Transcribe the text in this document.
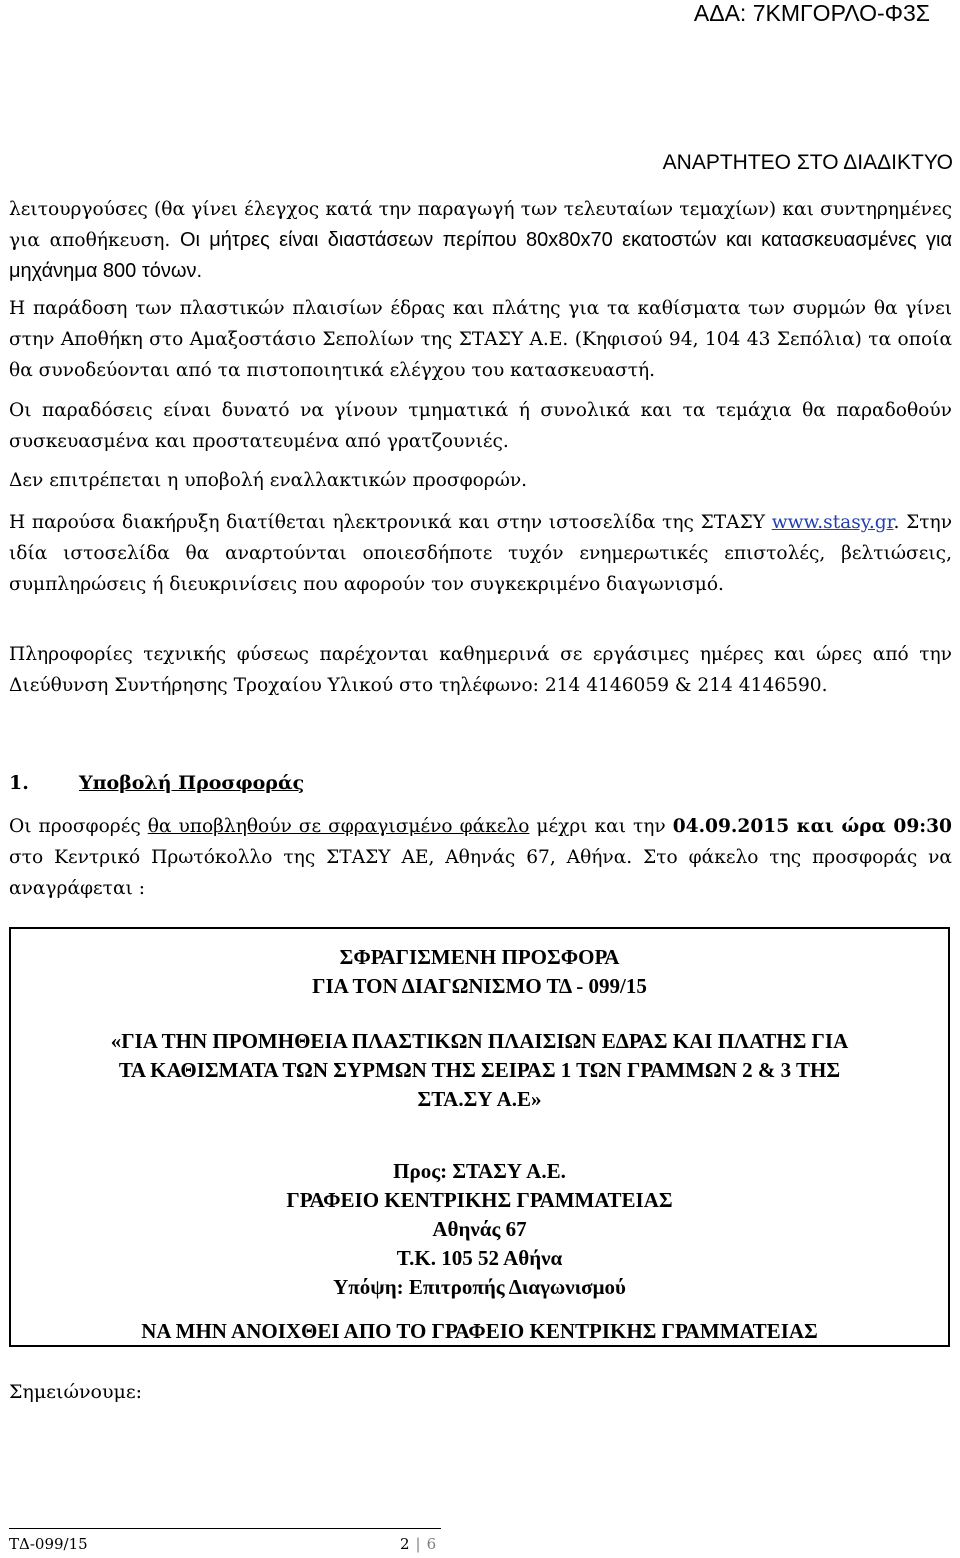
ΑΔΑ: 7ΚΜΓΟΡΛΟ-Φ3Σ
ΑΝΑΡΤΗΤΕΟ ΣΤΟ ΔΙΑΔΙΚΤΥΟ

λειτουργούσες (θα γίνει έλεγχος κατά την παραγωγή των τελευταίων τεμαχίων) και συντηρημένες για αποθήκευση. Οι μήτρες είναι διαστάσεων περίπου 80x80x70 εκατοστών και κατασκευασμένες για μηχάνημα 800 τόνων.

Η παράδοση των πλαστικών πλαισίων έδρας και πλάτης για τα καθίσματα των συρμών θα γίνει στην Αποθήκη στο Αμαξοστάσιο Σεπολίων της ΣΤΑΣΥ Α.Ε. (Κηφισού 94, 104 43 Σεπόλια) τα οποία θα συνοδεύονται από τα πιστοποιητικά ελέγχου του κατασκευαστή.

Οι παραδόσεις είναι δυνατό να γίνουν τμηματικά ή συνολικά και τα τεμάχια θα παραδοθούν συσκευασμένα και προστατευμένα από γρατζουνιές.

Δεν επιτρέπεται η υποβολή εναλλακτικών προσφορών.

Η παρούσα διακήρυξη διατίθεται ηλεκτρονικά και στην ιστοσελίδα της ΣΤΑΣΥ www.stasy.gr. Στην ιδία ιστοσελίδα θα αναρτούνται οποιεσδήποτε τυχόν ενημερωτικές επιστολές, βελτιώσεις, συμπληρώσεις ή διευκρινίσεις που αφορούν τον συγκεκριμένο διαγωνισμό.

Πληροφορίες τεχνικής φύσεως παρέχονται καθημερινά σε εργάσιμες ημέρες και ώρες από την Διεύθυνση Συντήρησης Τροχαίου Υλικού στο τηλέφωνο: 214 4146059 & 214 4146590.

1.	Υποβολή Προσφοράς

Οι προσφορές θα υποβληθούν σε σφραγισμένο φάκελο μέχρι και την 04.09.2015 και ώρα 09:30 στο Κεντρικό Πρωτόκολλο της ΣΤΑΣΥ ΑΕ, Αθηνάς 67, Αθήνα. Στο φάκελο της προσφοράς να αναγράφεται :

ΣΦΡΑΓΙΣΜΕΝΗ ΠΡΟΣΦΟΡΑ

ΓΙΑ ΤΟΝ ΔΙΑΓΩΝΙΣΜΟ ΤΔ - 099/15

«ΓΙΑ ΤΗΝ ΠΡΟΜΗΘΕΙΑ ΠΛΑΣΤΙΚΩΝ ΠΛΑΙΣΙΩΝ ΕΔΡΑΣ ΚΑΙ ΠΛΑΤΗΣ ΓΙΑ

ΤΑ ΚΑΘΙΣΜΑΤΑ ΤΩΝ ΣΥΡΜΩΝ ΤΗΣ ΣΕΙΡΑΣ 1 ΤΩΝ ΓΡΑΜΜΩΝ 2 & 3 ΤΗΣ

ΣΤΑ.ΣΥ Α.Ε»

Προς: ΣΤΑΣΥ Α.Ε.

ΓΡΑΦΕΙΟ ΚΕΝΤΡΙΚΗΣ ΓΡΑΜΜΑΤΕΙΑΣ

Αθηνάς 67

Τ.Κ. 105 52 Αθήνα

Υπόψη: Επιτροπής Διαγωνισμού

ΝΑ ΜΗΝ ΑΝΟΙΧΘΕΙ ΑΠΟ ΤΟ ΓΡΑΦΕΙΟ ΚΕΝΤΡΙΚΗΣ ΓΡΑΜΜΑΤΕΙΑΣ

Σημειώνουμε:

ΤΔ-099/15	2 | 6
